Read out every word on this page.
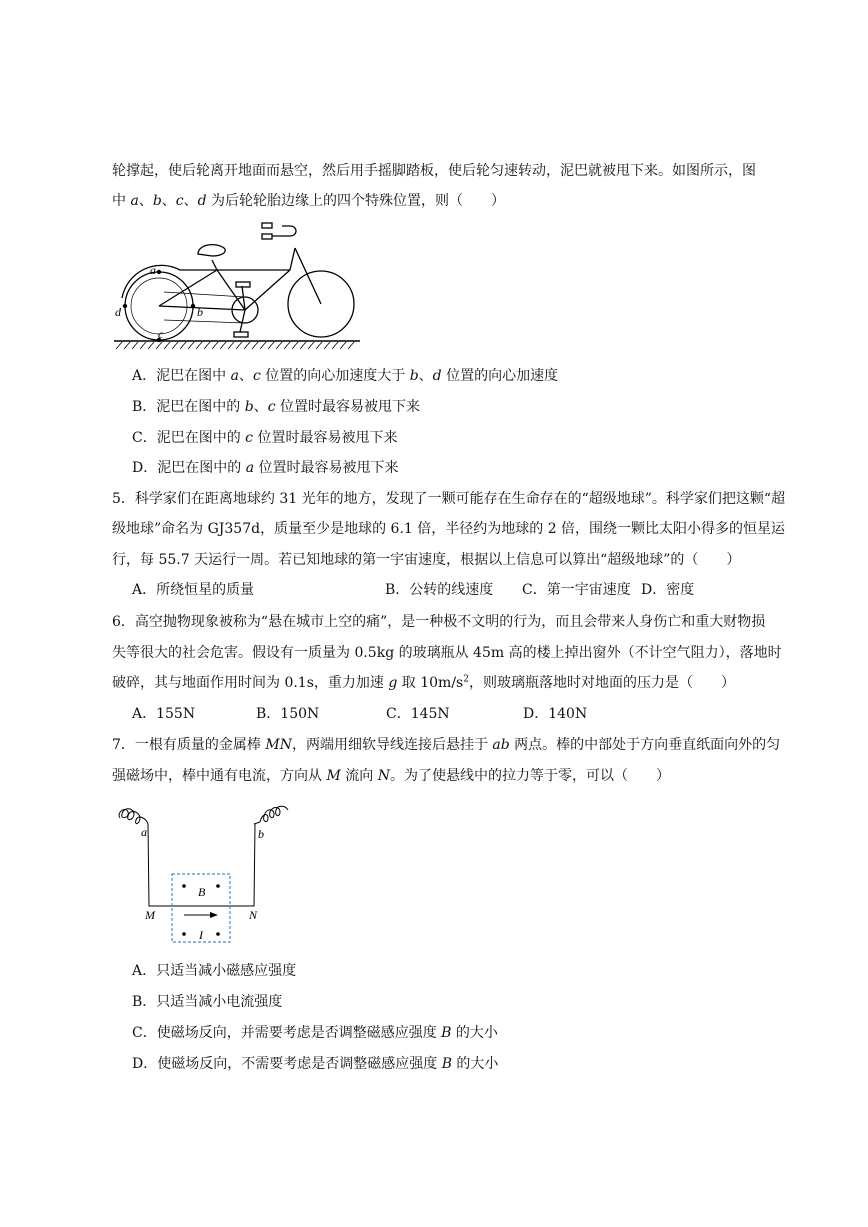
轮撑起，使后轮离开地面而悬空，然后用手摇脚踏板，使后轮匀速转动，泥巴就被甩下来。如图所示，图
中 a、b、c、d 为后轮轮胎边缘上的四个特殊位置，则（　　）
a
b
c
d
A．泥巴在图中 a、c 位置的向心加速度大于 b、d 位置的向心加速度
B．泥巴在图中的 b、c 位置时最容易被甩下来
C．泥巴在图中的 c 位置时最容易被甩下来
D．泥巴在图中的 a 位置时最容易被甩下来
5．科学家们在距离地球约 31 光年的地方，发现了一颗可能存在生命存在的“超级地球”。科学家们把这颗“超
级地球”命名为 GJ357d，质量至少是地球的 6.1 倍，半径约为地球的 2 倍，围绕一颗比太阳小得多的恒星运
行，每 55.7 天运行一周。若已知地球的第一宇宙速度，根据以上信息可以算出“超级地球”的（　　）
A．所绕恒星的质量	B．公转的线速度 C．第一宇宙速度 D．密度
6．高空抛物现象被称为“悬在城市上空的痛”，是一种极不文明的行为，而且会带来人身伤亡和重大财物损
失等很大的社会危害。假设有一质量为 0.5kg 的玻璃瓶从 45m 高的楼上掉出窗外（不计空气阻力），落地时
破碎，其与地面作用时间为 0.1s，重力加速 g 取 $10m/s^2$，则玻璃瓶落地时对地面的压力是（　　）
A．155N	B．150N	C．145N	D．140N
7．一根有质量的金属棒 MN，两端用细软导线连接后悬挂于 ab 两点。棒的中部处于方向垂直纸面向外的匀
强磁场中，棒中通有电流，方向从 M 流向 N。为了使悬线中的拉力等于零，可以（　　）
a	b
M	N
B
I
A．只适当减小磁感应强度
B．只适当减小电流强度
C．使磁场反向，并需要考虑是否调整磁感应强度 B 的大小
D．使磁场反向，不需要考虑是否调整磁感应强度 B 的大小
